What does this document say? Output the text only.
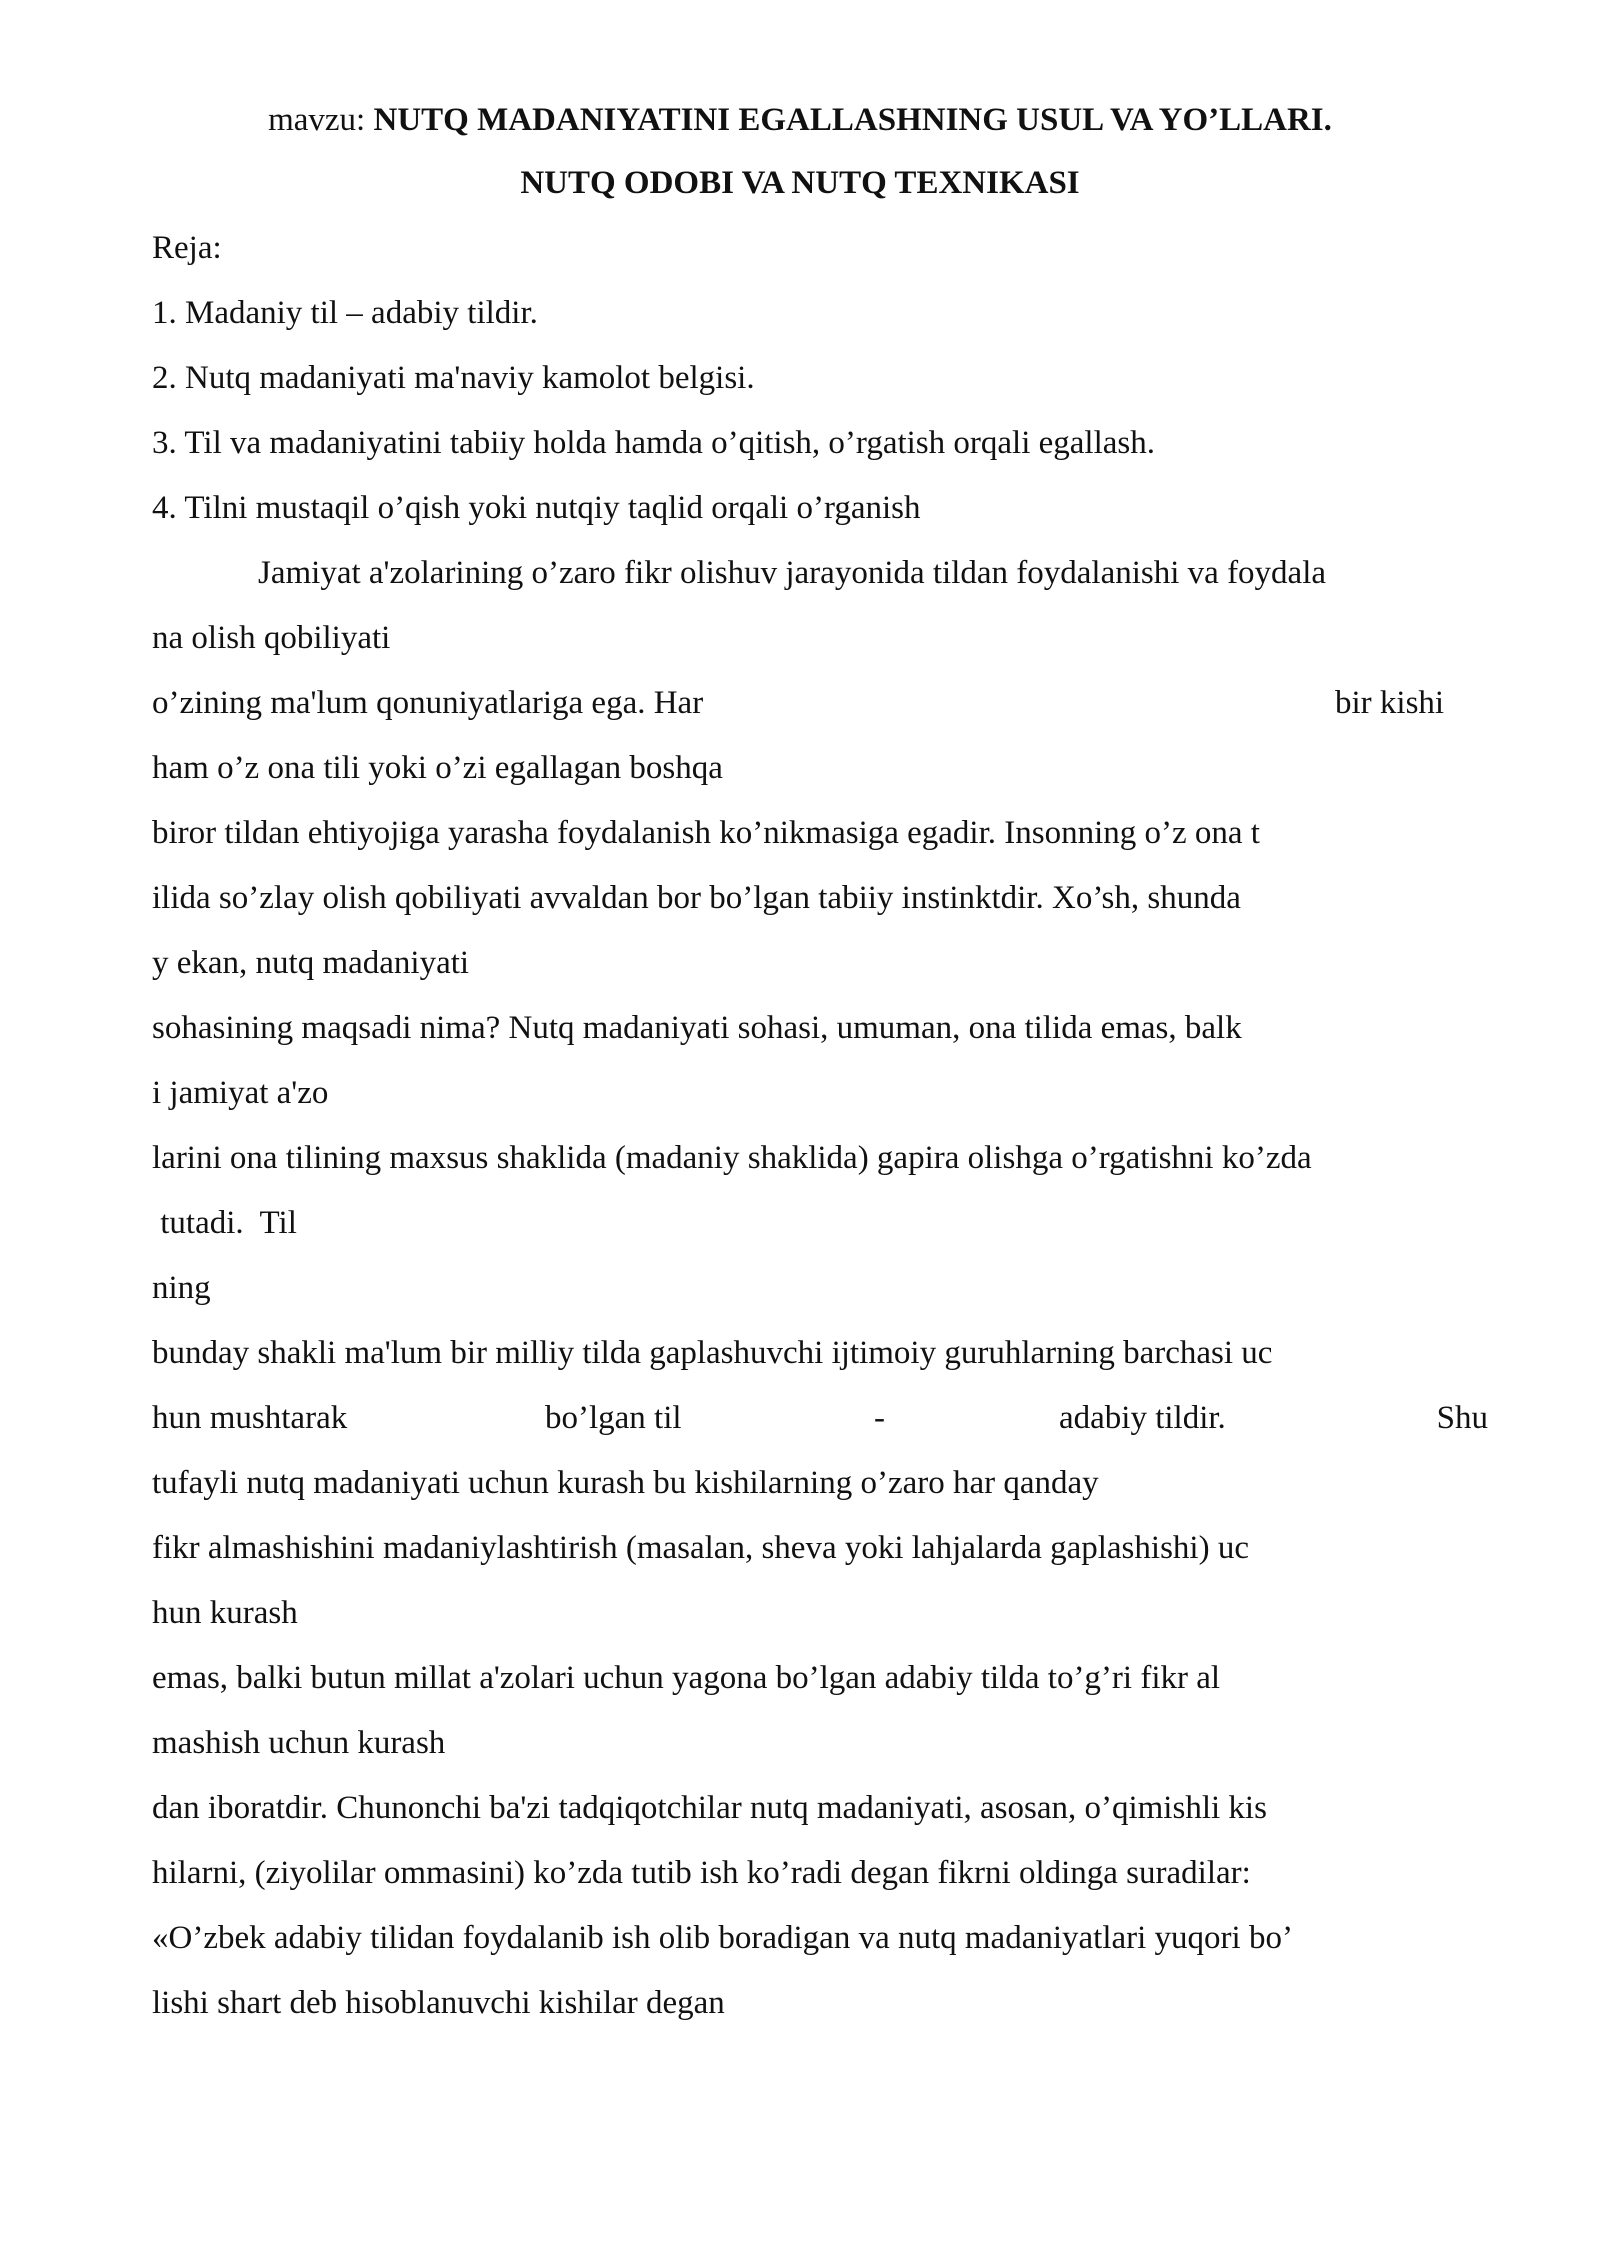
mavzu: NUTQ MADANIYATINI EGALLASHNING USUL VA YO’LLARI.
NUTQ ODOBI VA NUTQ TEXNIKASI
Reja:
1. Madaniy til – adabiy tildir.
2. Nutq madaniyati ma'naviy kamolot belgisi.
3. Til va madaniyatini tabiiy holda hamda o’qitish, o’rgatish orqali egallash.
4. Tilni mustaqil o’qish yoki nutqiy taqlid orqali o’rganish
Jamiyat a'zolarining o’zaro fikr olishuv jarayonida tildan foydalanishi va foydala
na olish qobiliyati
o’zining ma'lum qonuniyatlariga ega. Har	bir kishi
ham o’z ona tili yoki o’zi egallagan boshqa
biror tildan ehtiyojiga yarasha foydalanish ko’nikmasiga egadir. Insonning o’z ona t
ilida so’zlay olish qobiliyati avvaldan bor bo’lgan tabiiy instinktdir. Xo’sh, shunda
y ekan, nutq madaniyati
sohasining maqsadi nima? Nutq madaniyati sohasi, umuman, ona tilida emas, balk
i jamiyat a'zo
larini ona tilining maxsus shaklida (madaniy shaklida) gapira olishga o’rgatishni ko’zda
tutadi.  Til
ning
bunday shakli ma'lum bir milliy tilda gaplashuvchi ijtimoiy guruhlarning barchasi uc
hun mushtarak	bo’lgan til	-	adabiy tildir.	Shu
tufayli nutq madaniyati uchun kurash bu kishilarning o’zaro har qanday
fikr almashishini madaniylashtirish (masalan, sheva yoki lahjalarda gaplashishi) uc
hun kurash
emas, balki butun millat a'zolari uchun yagona bo’lgan adabiy tilda to’g’ri fikr al
mashish uchun kurash
dan iboratdir. Chunonchi ba'zi tadqiqotchilar nutq madaniyati, asosan, o’qimishli kis
hilarni, (ziyolilar ommasini) ko’zda tutib ish ko’radi degan fikrni oldinga suradilar:
«O’zbek adabiy tilidan foydalanib ish olib boradigan va nutq madaniyatlari yuqori bo’
lishi shart deb hisoblanuvchi kishilar degan
